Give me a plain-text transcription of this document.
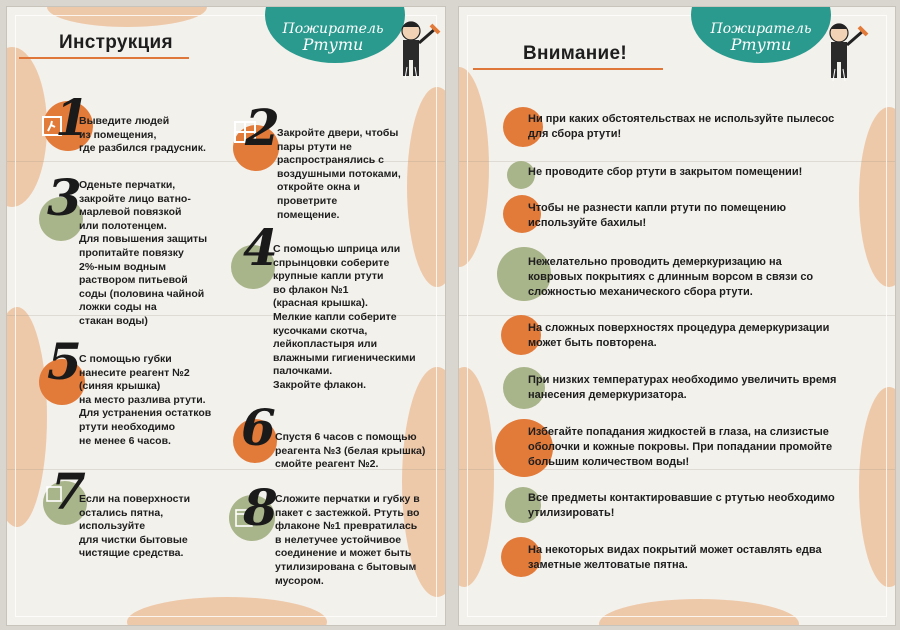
Инструкция
Пожиратель
Ртути
1
Выведите людей
из помещения,
где разбился градусник. 2
Закройте двери, чтобы
пары ртути не
распространялись с
воздушными потоками,
откройте окна и
проветрите
помещение.
3
Оденьте перчатки,
закройте лицо ватно-
марлевой повязкой
или полотенцем.
Для повышения защиты
пропитайте повязку
2%-ным водным
раствором питьевой
соды (половина чайной
ложки соды на
стакан воды)
4
С помощью шприца или
спрынцовки соберите
крупные капли ртути
во флакон №1
(красная крышка).
Мелкие капли соберите
кусочками скотча,
лейкопластыря или
влажными гигиеническими
палочками.
Закройте флакон.
5
С помощью губки
нанесите реагент №2
(синяя крышка)
на место разлива ртути.
Для устранения остатков
ртути необходимо
не менее 6 часов.	6 Спустя 6 часов с помощью
реагента №3 (белая крышка)
смойте реагент №2.
7
Если на поверхности
остались пятна,
используйте
для чистки бытовые
чистящие средства.
8
Сложите перчатки и губку в
пакет с застежкой. Ртуть во
флаконе №1 превратилась
в нелетучее устойчивое
соединение и может быть
утилизирована с бытовым
мусором.
Внимание!
Пожиратель
Ртути
Ни при каких обстоятельствах не используйте пылесос
для сбора ртути!
Не проводите сбор ртути в закрытом помещении!
Чтобы не разнести капли ртути по помещению
используйте бахилы!
Нежелательно проводить демеркуризацию на
ковровых покрытиях с длинным ворсом в связи со
сложностью механического сбора ртути.
На сложных поверхностях процедура демеркуризации
может быть повторена.
При низких температурах необходимо увеличить время
нанесения демеркуризатора.
Избегайте попадания жидкостей в глаза, на слизистые
оболочки и кожные покровы. При попадании промойте
большим количеством воды!
Все предметы контактировавшие с ртутью необходимо
утилизировать!
На некоторых видах покрытий может оставлять едва
заметные желтоватые пятна.
